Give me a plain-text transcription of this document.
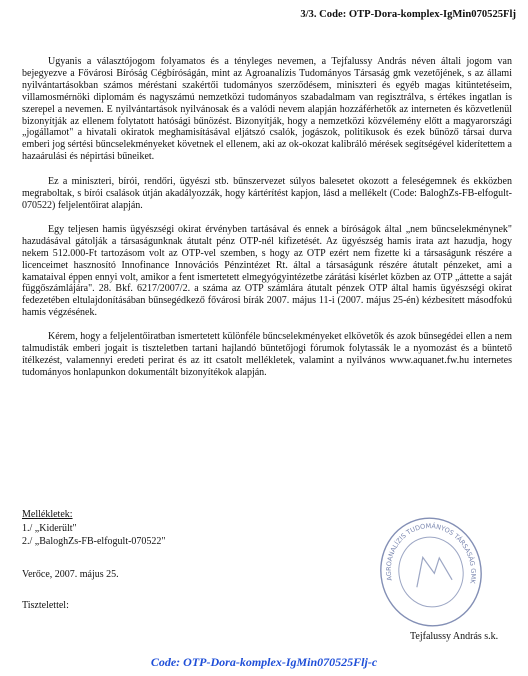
3/3. Code: OTP-Dora-komplex-IgMin070525Flj

Ugyanis a választójogom folyamatos és a tényleges nevemen, a Tejfalussy András néven általi jogom van bejegyezve a Fővárosi Bíróság Cégbíróságán, mint az Agroanalízis Tudományos Társaság gmk vezetőjének, s az állami nyilvántartásokban számos méréstani szakértői tudományos szerződésem, miniszteri és egyéb magas kitüntetéseim, villamosmérnöki diplomám és nagyszámú nemzetközi tudományos szabadalmam van regisztrálva, s értékes ingatlan is szerepel a nevemen. E nyilvántartások nyilvánosak és a valódi nevem alapján hozzáférhetők az interneten és közvetlenül bizonyítják az ellenem folytatott hatósági bűnözést. Bizonyítják, hogy a nemzetközi közvélemény előtt a magyarországi „jogállamot" a hivatali okiratok meghamisításával eljátszó csalók, jogászok, politikusok és ezek bűnöző társai durva emberi jog sértési bűncselekményeket követnek el ellenem, aki az ok-okozat kalibráló mérések segítségével kiderítettem a hazaárulási és népirtási bűneiket.

Ez a miniszteri, bírói, rendőri, ügyészi stb. bűnszervezet súlyos balesetet okozott a feleségemnek és ekközben megraboltak, s bírói csalások útján akadályozzák, hogy kártérítést kapjon, lásd a mellékelt (Code: BaloghZs-FB-elfogult-070522) feljelentőirat alapján.

Egy teljesen hamis ügyészségi okirat érvényben tartásával és ennek a bíróságok által „nem bűncselekménynek" hazudásával gátolják a társaságunknak átutalt pénz OTP-nél kifizetését. Az ügyészség hamis irata azt hazudja, hogy nekem 512.000-Ft tartozásom volt az OTP-vel szemben, s hogy az OTP ezért nem fizette ki a társaságunk részére a licenceimet hasznosító Innofinance Innovációs Pénzintézet Rt. által a társaságunk részére átutalt pénzeket, ami a kamataival éppen ennyi volt, amikor a fent ismertetett elmegyógyintézetbe zárátási kísérlet közben az OTP „áttette a saját függőszámlájára". 28. Bkf. 6217/2007/2. a száma az OTP számlára átutalt pénzek OTP által hamis ügyészségi okirat fedezetében eltulajdonításában bűnsegédkező fővárosi bírák 2007. május 11-i (2007. május 25-én) kézbesített másodfokú hamis végzésének.

Kérem, hogy a feljelentőiratban ismertetett különféle bűncselekményeket elkövetők és azok bűnsegédei ellen a nem talmudisták emberi jogait is tiszteletben tartani hajlandó büntetőjogi fórumok folytassák le a nyomozást és a büntető ítélkezést, valamennyi eredeti perirat és az itt csatolt mellékletek, valamint a nyilvános www.aquanet.fw.hu internetes tudományos honlapunkon dokumentált bizonyítékok alapján.

Mellékletek:
1./ „Kiderült"
2./ „BaloghZs-FB-elfogult-070522"
Verőce, 2007. május 25.
Tisztelettel:
AGROANALÍZIS TUDOMÁNYOS TÁRSASÁG GMK
Tejfalussy András s.k.
Code: OTP-Dora-komplex-IgMin070525Flj-c
